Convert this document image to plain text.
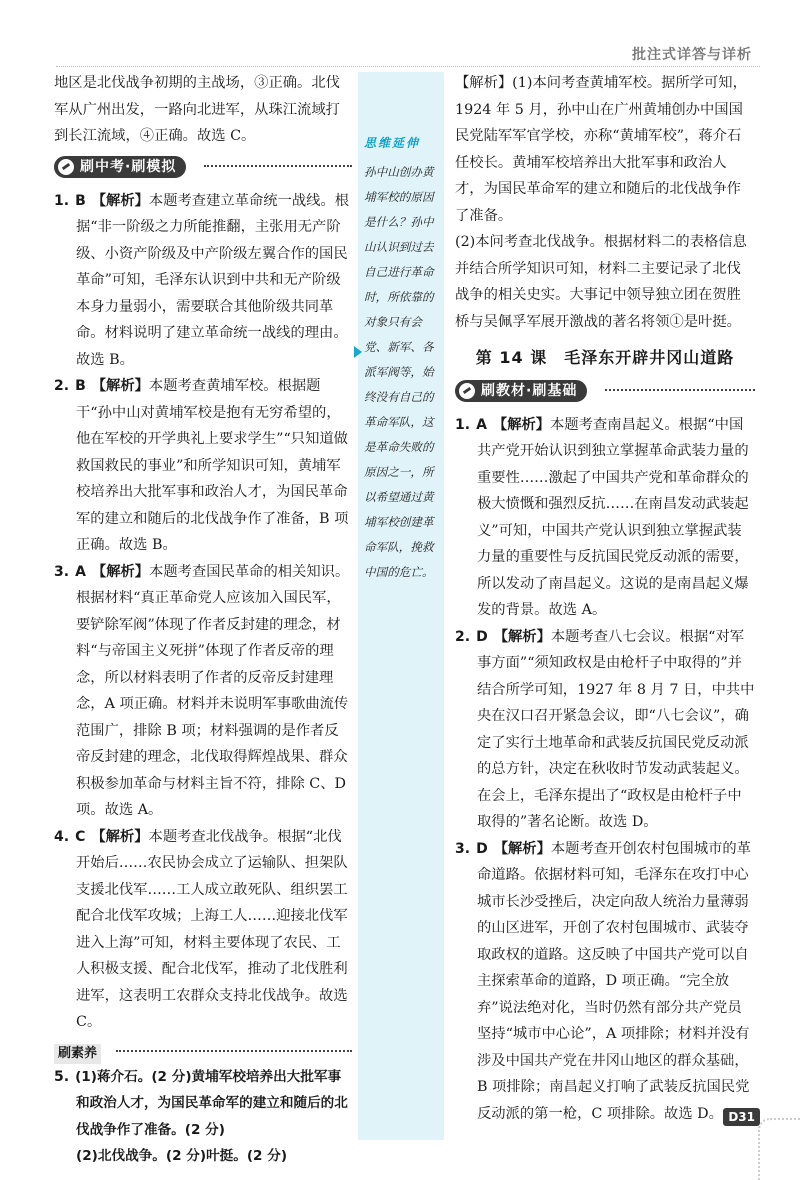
批注式详答与详析

地区是北伐战争初期的主战场，③正确。北伐军从广州出发，一路向北进军，从珠江流域打到长江流域，④正确。故选 C。

刷中考·刷模拟

1. B 【解析】本题考查建立革命统一战线。根据“非一阶级之力所能推翻，主张用无产阶级、小资产阶级及中产阶级左翼合作的国民革命”可知，毛泽东认识到中共和无产阶级本身力量弱小，需要联合其他阶级共同革命。材料说明了建立革命统一战线的理由。故选 B。

2. B 【解析】本题考查黄埔军校。根据题干“孙中山对黄埔军校是抱有无穷希望的，他在军校的开学典礼上要求学生”“只知道做救国救民的事业”和所学知识可知，黄埔军校培养出大批军事和政治人才，为国民革命军的建立和随后的北伐战争作了准备，B 项正确。故选 B。

3. A 【解析】本题考查国民革命的相关知识。根据材料“真正革命党人应该加入国民军，要铲除军阀”体现了作者反封建的理念，材料“与帝国主义死拼”体现了作者反帝的理念，所以材料表明了作者的反帝反封建理念，A 项正确。材料并未说明军事歌曲流传范围广，排除 B 项；材料强调的是作者反帝反封建的理念，北伐取得辉煌战果、群众积极参加革命与材料主旨不符，排除 C、D 项。故选 A。

4. C 【解析】本题考查北伐战争。根据“北伐开始后……农民协会成立了运输队、担架队支援北伐军……工人成立敢死队、组织罢工配合北伐军攻城；上海工人……迎接北伐军进入上海”可知，材料主要体现了农民、工人积极支援、配合北伐军，推动了北伐胜利进军，这表明工农群众支持北伐战争。故选 C。

刷素养

5. (1)蒋介石。(2 分)黄埔军校培养出大批军事和政治人才，为国民革命军的建立和随后的北伐战争作了准备。(2 分)

(2)北伐战争。(2 分)叶挺。(2 分)

思维延伸
孙中山创办黄埔军校的原因是什么？孙中山认识到过去自己进行革命时，所依靠的对象只有会党、新军、各派军阀等，始终没有自己的革命军队，这是革命失败的原因之一，所以希望通过黄埔军校创建革命军队，挽救中国的危亡。

【解析】(1)本问考查黄埔军校。据所学可知，1924 年 5 月，孙中山在广州黄埔创办中国国民党陆军军官学校，亦称“黄埔军校”，蒋介石任校长。黄埔军校培养出大批军事和政治人才，为国民革命军的建立和随后的北伐战争作了准备。

(2)本问考查北伐战争。根据材料二的表格信息并结合所学知识可知，材料二主要记录了北伐战争的相关史实。大事记中领导独立团在贺胜桥与吴佩孚军展开激战的著名将领①是叶挺。

第 14 课　毛泽东开辟井冈山道路
刷教材·刷基础

1. A 【解析】本题考查南昌起义。根据“中国共产党开始认识到独立掌握革命武装力量的重要性……激起了中国共产党和革命群众的极大愤慨和强烈反抗……在南昌发动武装起义”可知，中国共产党认识到独立掌握武装力量的重要性与反抗国民党反动派的需要，所以发动了南昌起义。这说的是南昌起义爆发的背景。故选 A。

2. D 【解析】本题考查八七会议。根据“对军事方面”“须知政权是由枪杆子中取得的”并结合所学可知，1927 年 8 月 7 日，中共中央在汉口召开紧急会议，即“八七会议”，确定了实行土地革命和武装反抗国民党反动派的总方针，决定在秋收时节发动武装起义。在会上，毛泽东提出了“政权是由枪杆子中取得的”著名论断。故选 D。

3. D 【解析】本题考查开创农村包围城市的革命道路。依据材料可知，毛泽东在攻打中心城市长沙受挫后，决定向敌人统治力量薄弱的山区进军，开创了农村包围城市、武装夺取政权的道路。这反映了中国共产党可以自主探索革命的道路，D 项正确。“完全放弃”说法绝对化，当时仍然有部分共产党员坚持“城市中心论”，A 项排除；材料并没有涉及中国共产党在井冈山地区的群众基础，B 项排除；南昌起义打响了武装反抗国民党反动派的第一枪，C 项排除。故选 D。 D31
